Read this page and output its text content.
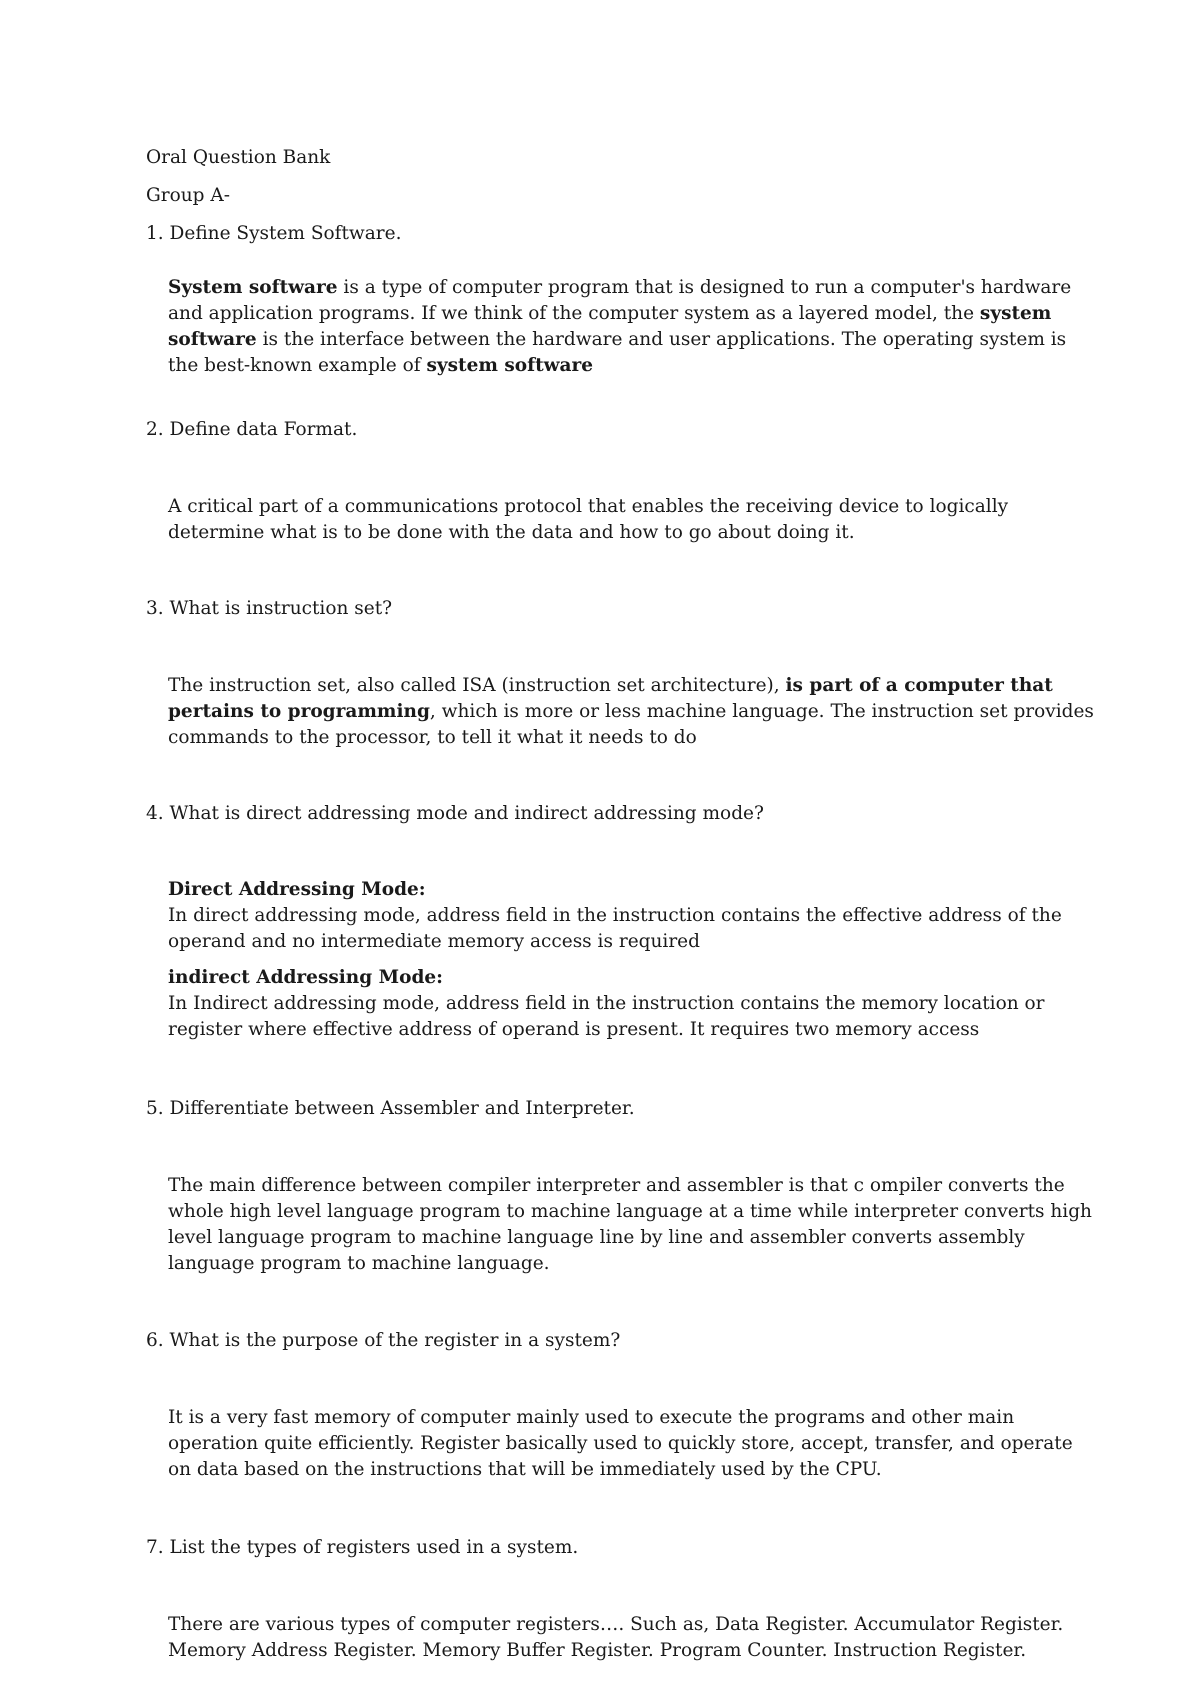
Oral Question Bank
Group A-
1. Define System Software.
System software is a type of computer program that is designed to run a computer's hardware
and application programs. If we think of the computer system as a layered model, the system
software is the interface between the hardware and user applications. The operating system is
the best-known example of system software
2. Define data Format.
A critical part of a communications protocol that enables the receiving device to logically
determine what is to be done with the data and how to go about doing it.
3. What is instruction set?
The instruction set, also called ISA (instruction set architecture), is part of a computer that
pertains to programming, which is more or less machine language. The instruction set provides
commands to the processor, to tell it what it needs to do
4. What is direct addressing mode and indirect addressing mode?
Direct Addressing Mode:
In direct addressing mode, address field in the instruction contains the effective address of the
operand and no intermediate memory access is required
indirect Addressing Mode:
In Indirect addressing mode, address field in the instruction contains the memory location or
register where effective address of operand is present. It requires two memory access
5. Differentiate between Assembler and Interpreter.
The main difference between compiler interpreter and assembler is that c ompiler converts the
whole high level language program to machine language at a time while interpreter converts high
level language program to machine language line by line and assembler converts assembly
language program to machine language.
6. What is the purpose of the register in a system?
It is a very fast memory of computer mainly used to execute the programs and other main
operation quite efficiently. Register basically used to quickly store, accept, transfer, and operate
on data based on the instructions that will be immediately used by the CPU.
7. List the types of registers used in a system.
There are various types of computer registers…. Such as, Data Register. Accumulator Register.
Memory Address Register. Memory Buffer Register. Program Counter. Instruction Register.
